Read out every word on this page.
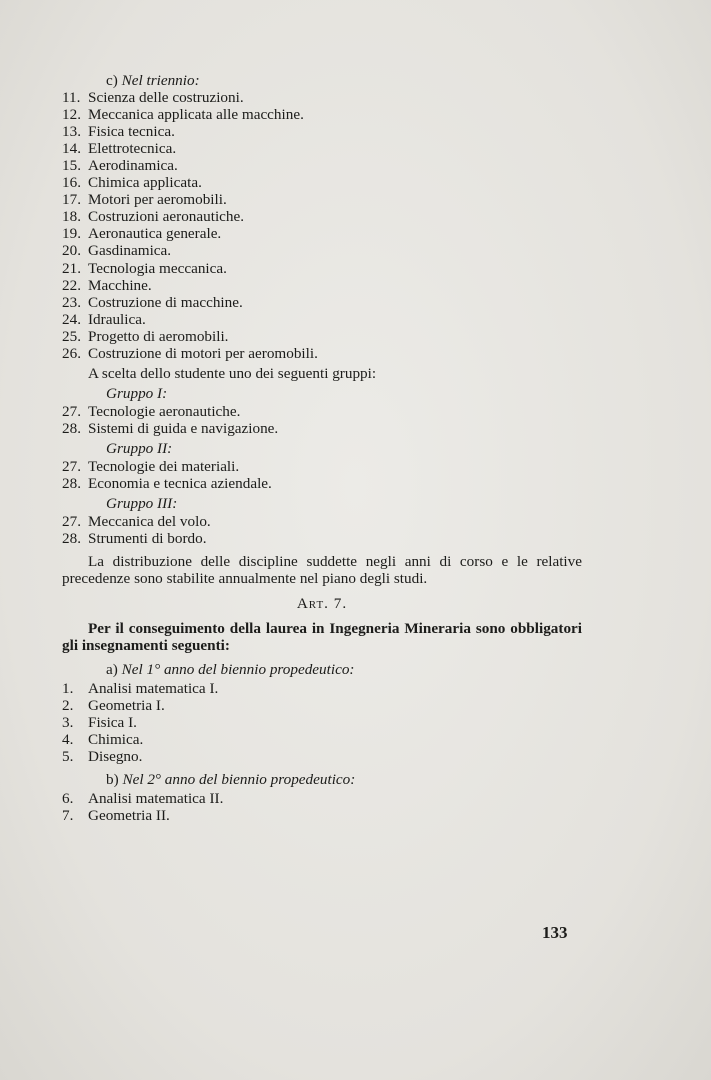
c) Nel triennio:
11. Scienza delle costruzioni.
12. Meccanica applicata alle macchine.
13. Fisica tecnica.
14. Elettrotecnica.
15. Aerodinamica.
16. Chimica applicata.
17. Motori per aeromobili.
18. Costruzioni aeronautiche.
19. Aeronautica generale.
20. Gasdinamica.
21. Tecnologia meccanica.
22. Macchine.
23. Costruzione di macchine.
24. Idraulica.
25. Progetto di aeromobili.
26. Costruzione di motori per aeromobili.
A scelta dello studente uno dei seguenti gruppi:
Gruppo I:
27. Tecnologie aeronautiche.
28. Sistemi di guida e navigazione.
Gruppo II:
27. Tecnologie dei materiali.
28. Economia e tecnica aziendale.
Gruppo III:
27. Meccanica del volo.
28. Strumenti di bordo.
La distribuzione delle discipline suddette negli anni di corso e le relative precedenze sono stabilite annualmente nel piano degli studi.
Art. 7.
Per il conseguimento della laurea in Ingegneria Mineraria sono obbligatori gli insegnamenti seguenti:
a) Nel 1° anno del biennio propedeutico:
1. Analisi matematica I.
2. Geometria I.
3. Fisica I.
4. Chimica.
5. Disegno.
b) Nel 2° anno del biennio propedeutico:
6. Analisi matematica II.
7. Geometria II.
133
